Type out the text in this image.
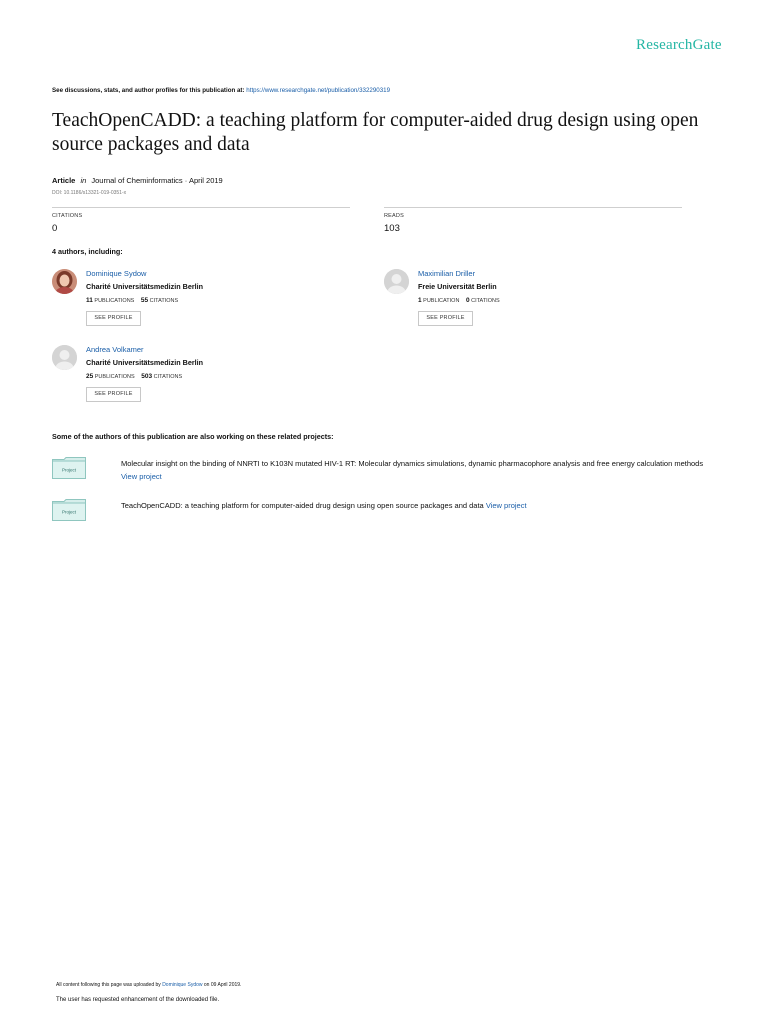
ResearchGate
See discussions, stats, and author profiles for this publication at: https://www.researchgate.net/publication/332290319
TeachOpenCADD: a teaching platform for computer-aided drug design using open source packages and data
Article in Journal of Cheminformatics · April 2019
DOI: 10.1186/s13321-019-0351-x
CITATIONS
0
READS
103
4 authors, including:
Dominique Sydow
Charité Universitätsmedizin Berlin
11 PUBLICATIONS 55 CITATIONS
SEE PROFILE
Maximilian Driller
Freie Universität Berlin
1 PUBLICATION 0 CITATIONS
SEE PROFILE
Andrea Volkamer
Charité Universitätsmedizin Berlin
25 PUBLICATIONS 503 CITATIONS
SEE PROFILE
Some of the authors of this publication are also working on these related projects:
Project
Molecular insight on the binding of NNRTI to K103N mutated HIV-1 RT: Molecular dynamics simulations, dynamic pharmacophore analysis and free energy calculation methods View project
Project
TeachOpenCADD: a teaching platform for computer-aided drug design using open source packages and data View project
All content following this page was uploaded by Dominique Sydow on 09 April 2019.
The user has requested enhancement of the downloaded file.
